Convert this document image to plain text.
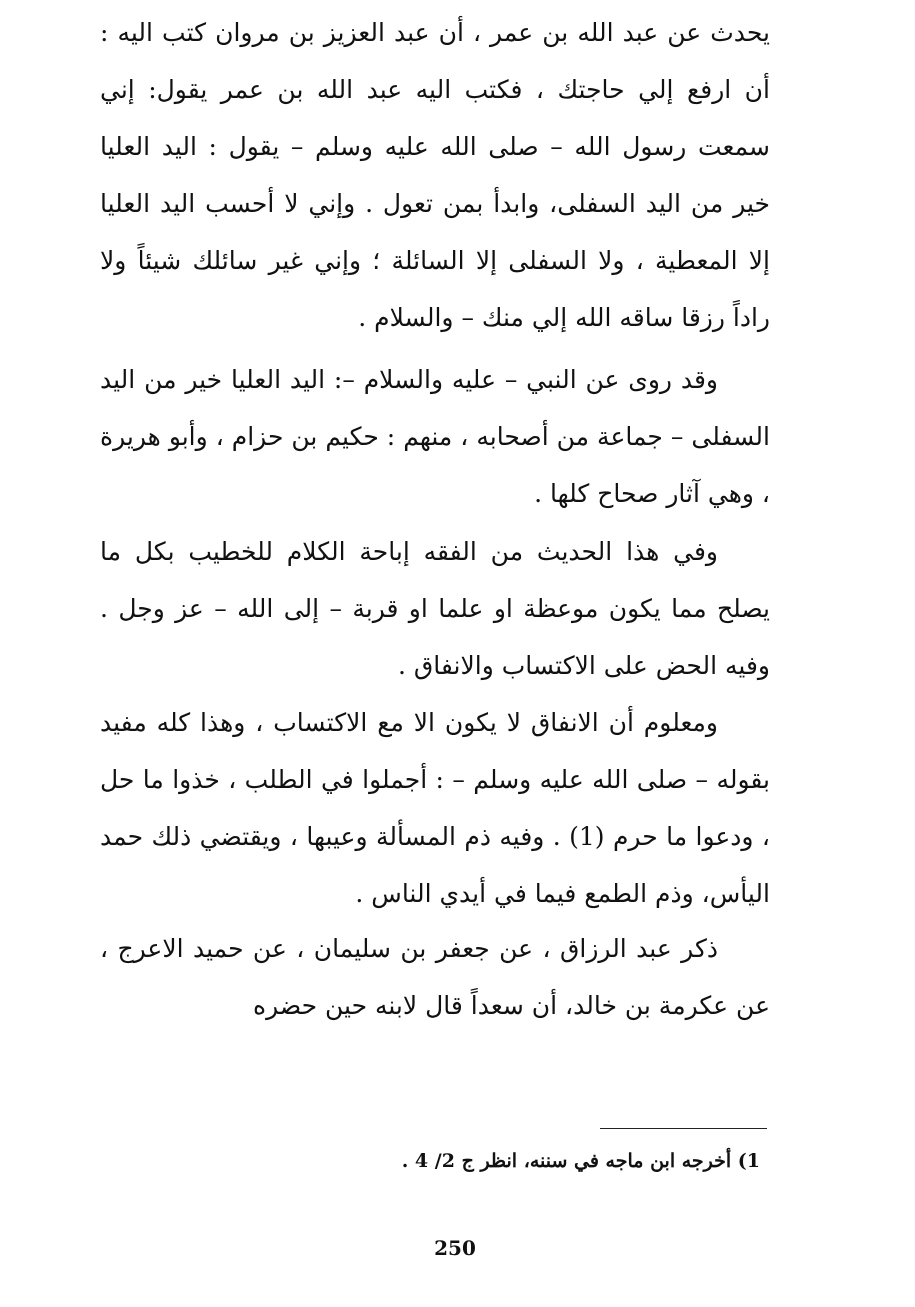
يحدث عن عبد الله بن عمر ، أن عبد العزيز بن مروان كتب اليه : أن ارفع إلي حاجتك ، فكتب اليه عبد الله بن عمر يقول: إني سمعت رسول الله – صلى الله عليه وسلم – يقول : اليد العليا خير من اليد السفلى، وابدأ بمن تعول . وإني لا أحسب اليد العليا إلا المعطية ، ولا السفلى إلا السائلة ؛ وإني غير سائلك شيئاً ولا راداً رزقا ساقه الله إلي منك – والسلام .

وقد روى عن النبي – عليه والسلام –: اليد العليا خير من اليد السفلى – جماعة من أصحابه ، منهم : حكيم بن حزام ، وأبو هريرة ، وهي آثار صحاح كلها .

وفي هذا الحديث من الفقه إباحة الكلام للخطيب بكل ما يصلح مما يكون موعظة او علما او قربة – إلى الله – عز وجل . وفيه الحض على الاكتساب والانفاق .

ومعلوم أن الانفاق لا يكون الا مع الاكتساب ، وهذا كله مفيد بقوله – صلى الله عليه وسلم – : أجملوا في الطلب ، خذوا ما حل ، ودعوا ما حرم (1) . وفيه ذم المسألة وعيبها ، ويقتضي ذلك حمد اليأس، وذم الطمع فيما في أيدي الناس .

ذكر عبد الرزاق ، عن جعفر بن سليمان ، عن حميد الاعرج ، عن عكرمة بن خالد، أن سعداً قال لابنه حين حضره

1) أخرجه ابن ماجه في سننه، انظر ج 2/ 4 .
250
